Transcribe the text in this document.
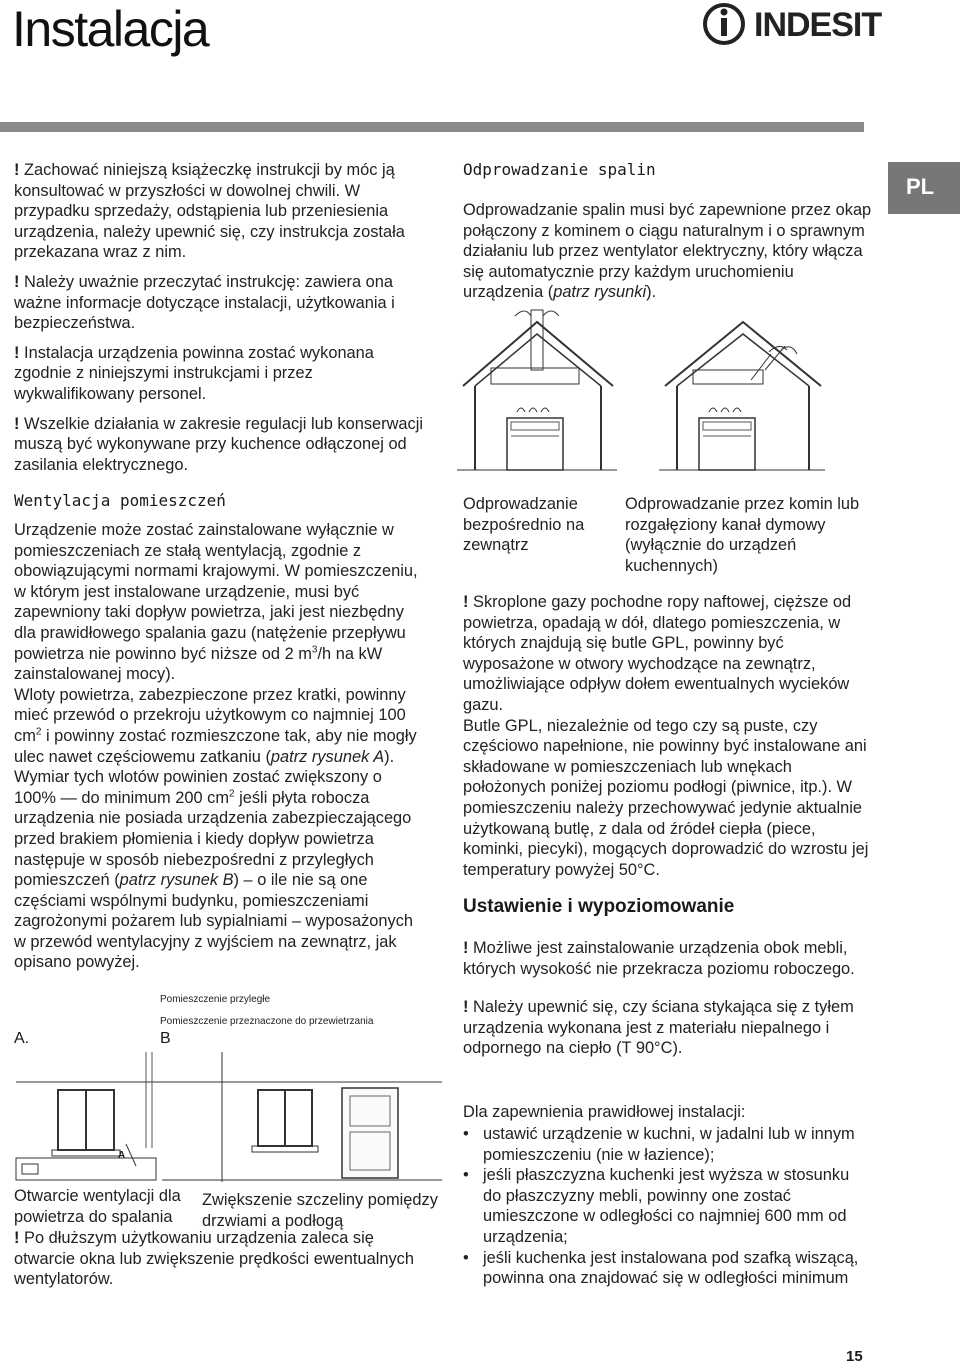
Instalacja	INDESIT
PL

! Zachować niniejszą książeczkę instrukcji by móc ją konsultować w przyszłości w dowolnej chwili. W przypadku sprzedaży, odstąpienia lub przeniesienia urządzenia, należy upewnić się, czy instrukcja została przekazana wraz z nim.

! Należy uważnie przeczytać instrukcję: zawiera ona ważne informacje dotyczące instalacji, użytkowania i bezpieczeństwa.

! Instalacja urządzenia powinna zostać wykonana zgodnie z niniejszymi instrukcjami i przez wykwalifikowany personel.

! Wszelkie działania w zakresie regulacji lub konserwacji muszą być wykonywane przy kuchence odłączonej od zasilania elektrycznego.

Wentylacja pomieszczeń

Urządzenie może zostać zainstalowane wyłącznie w pomieszczeniach ze stałą wentylacją, zgodnie z obowiązującymi normami krajowymi. W pomieszczeniu, w którym jest instalowane urządzenie, musi być zapewniony taki dopływ powietrza, jaki jest niezbędny dla prawidłowego spalania gazu (natężenie przepływu powietrza nie powinno być niższe od 2 $m^3/h$ na kW zainstalowanej mocy).

Wloty powietrza, zabezpieczone przez kratki, powinny mieć przewód o przekroju użytkowym co najmniej 100 $cm^2$ i powinny zostać rozmieszczone tak, aby nie mogły ulec nawet częściowemu zatkaniu (patrz rysunek A).

Wymiar tych wlotów powinien zostać zwiększony o 100% — do minimum 200 $cm^2$ jeśli płyta robocza urządzenia nie posiada urządzenia zabezpieczającego przed brakiem płomienia i kiedy dopływ powietrza następuje w sposób niebezpośredni z przyległych pomieszczeń (patrz rysunek B) – o ile nie są one częściami wspólnymi budynku, pomieszczeniami zagrożonymi pożarem lub sypialniami – wyposażonych w przewód wentylacyjny z wyjściem na zewnątrz, jak opisano powyżej.

Pomieszczenie przyległe
Pomieszczenie przeznaczone do przewietrzania
A.	B
A
Otwarcie wentylacji dla powietrza do spalania
Zwiększenie szczeliny pomiędzy drzwiami a podłogą

! Po dłuższym użytkowaniu urządzenia zaleca się otwarcie okna lub zwiększenie prędkości ewentualnych wentylatorów.

Odprowadzanie spalin

Odprowadzanie spalin musi być zapewnione przez okap połączony z kominem o ciągu naturalnym i o sprawnym działaniu lub przez wentylator elektryczny, który włącza się automatycznie przy każdym uruchomieniu urządzenia (patrz rysunki).

Odprowadzanie bezpośrednio na zewnątrz
Odprowadzanie przez komin lub rozgałęziony kanał dymowy (wyłącznie do urządzeń kuchennych)

! Skroplone gazy pochodne ropy naftowej, cięższe od powietrza, opadają w dół, dlatego pomieszczenia, w których znajdują się butle GPL, powinny być wyposażone w otwory wychodzące na zewnątrz, umożliwiające odpływ dołem ewentualnych wycieków gazu.

Butle GPL, niezależnie od tego czy są puste, czy częściowo napełnione, nie powinny być instalowane ani składowane w pomieszczeniach lub wnękach położonych poniżej poziomu podłogi (piwnice, itp.). W pomieszczeniu należy przechowywać jedynie aktualnie użytkowaną butlę, z dala od źródeł ciepła (piece, kominki, piecyki), mogących doprowadzić do wzrostu jej temperatury powyżej 50°C.

Ustawienie i wypoziomowanie

! Możliwe jest zainstalowanie urządzenia obok mebli, których wysokość nie przekracza poziomu roboczego.

! Należy upewnić się, czy ściana stykająca się z tyłem urządzenia wykonana jest z materiału niepalnego i odpornego na ciepło (T 90°C).

Dla zapewnienia prawidłowej instalacji:
• ustawić urządzenie w kuchni, w jadalni lub w innym pomieszczeniu (nie w łazience);
• jeśli płaszczyzna kuchenki jest wyższa w stosunku do płaszczyzny mebli, powinny one zostać umieszczone w odległości co najmniej 600 mm od urządzenia;
• jeśli kuchenka jest instalowana pod szafką wiszącą, powinna ona znajdować się w odległości minimum
15
